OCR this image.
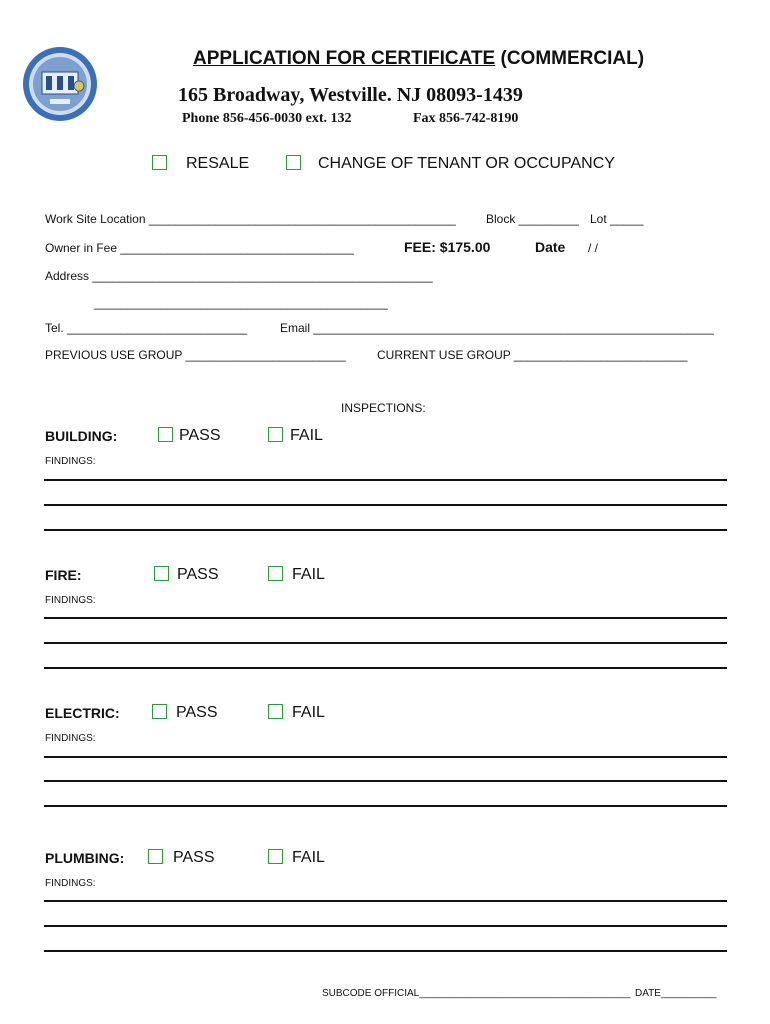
APPLICATION FOR CERTIFICATE (COMMERCIAL)
165 Broadway, Westville. NJ 08093-1439
Phone 856-456-0030 ext. 132	Fax 856-742-8190
RESALE	CHANGE OF TENANT OR OCCUPANCY
Work Site Location ______________________________________________	Block _________ Lot _____
Owner in Fee ___________________________________	FEE: $175.00	Date / /
Address ___________________________________________________
____________________________________________
Tel. ___________________________	Email ____________________________________________________________
PREVIOUS USE GROUP ________________________	CURRENT USE GROUP __________________________
INSPECTIONS:
BUILDING:	PASS	FAIL
FINDINGS:
FIRE:	PASS	FAIL
FINDINGS:
ELECTRIC:	PASS	FAIL
FINDINGS:
PLUMBING:	PASS	FAIL
FINDINGS:
SUBCODE OFFICIAL______________________________________ DATE__________
